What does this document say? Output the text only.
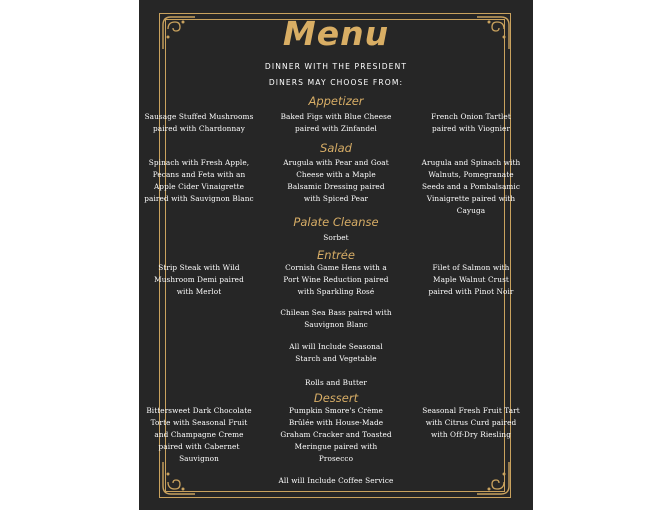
Menu
DINNER WITH THE PRESIDENT
DINERS MAY CHOOSE FROM:
Appetizer
Sausage Stuffed Mushrooms
paired with Chardonnay
Baked Figs with Blue Cheese
paired with Zinfandel
French Onion Tartlet
paired with Viognier
Salad
Spinach with Fresh Apple,
Pecans and Feta with an
Apple Cider Vinaigrette
paired with Sauvignon Blanc
Arugula with Pear and Goat
Cheese with a Maple
Balsamic Dressing paired
with Spiced Pear
Arugula and Spinach with
Walnuts, Pomegranate
Seeds and a Pombalsamic
Vinaigrette paired with
Cayuga
Palate Cleanse
Sorbet
Entrée
Strip Steak with Wild
Mushroom Demi paired
with Merlot
Cornish Game Hens with a
Port Wine Reduction paired
with Sparkling Rosé
Filet of Salmon with
Maple Walnut Crust
paired with Pinot Noir
Chilean Sea Bass paired with
Sauvignon Blanc
All will Include Seasonal
Starch and Vegetable
Rolls and Butter
Dessert
Bittersweet Dark Chocolate
Torte with Seasonal Fruit
and Champagne Creme
paired with Cabernet
Sauvignon
Pumpkin Smore's Crème
Brûlée with House-Made
Graham Cracker and Toasted
Meringue paired with
Prosecco
Seasonal Fresh Fruit Tart
with Citrus Curd paired
with Off-Dry Riesling
All will Include Coffee Service
